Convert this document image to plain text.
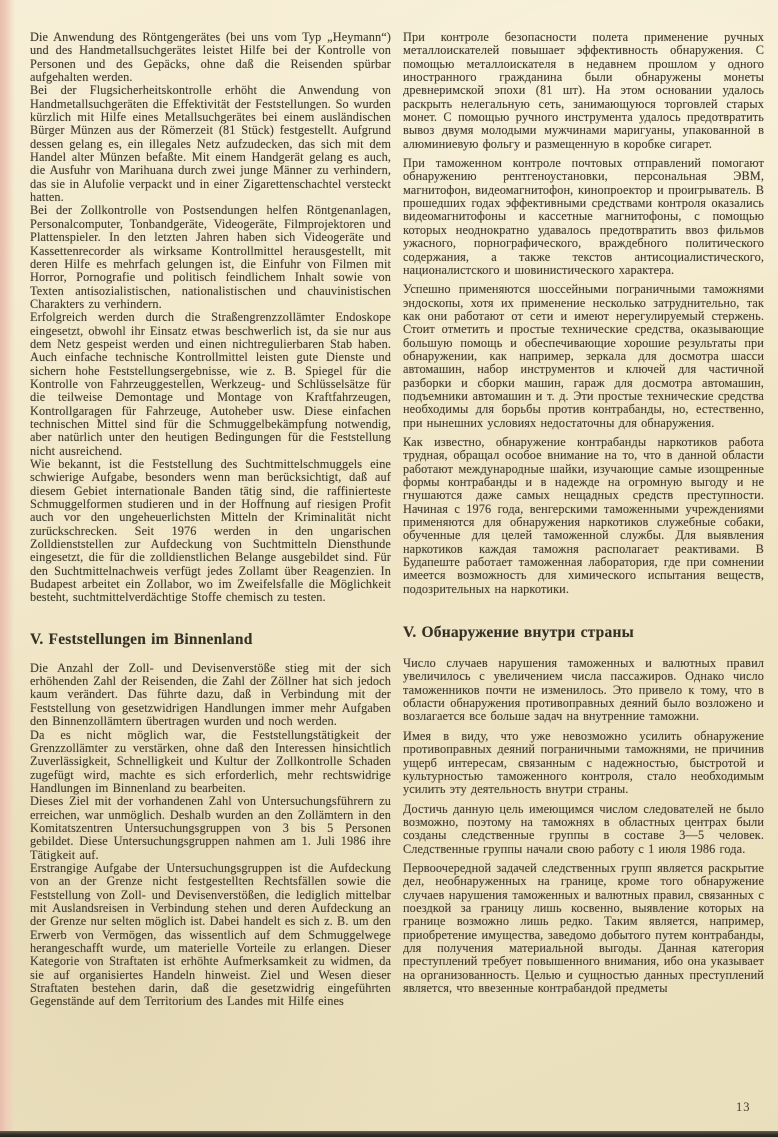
Die Anwendung des Röntgengerätes (bei uns vom Typ „Heymann“) und des Handmetallsuchgerätes leistet Hilfe bei der Kontrolle von Personen und des Gepäcks, ohne daß die Reisenden spürbar aufgehalten werden.

Bei der Flugsicherheitskontrolle erhöht die Anwendung von Handmetallsuchgeräten die Effektivität der Feststellungen. So wurden kürzlich mit Hilfe eines Metallsuchgerätes bei einem ausländischen Bürger Münzen aus der Römerzeit (81 Stück) festgestellt. Aufgrund dessen gelang es, ein illegales Netz aufzudecken, das sich mit dem Handel alter Münzen befaßte. Mit einem Handgerät gelang es auch, die Ausfuhr von Marihuana durch zwei junge Männer zu verhindern, das sie in Alufolie verpackt und in einer Zigarettenschachtel versteckt hatten.

Bei der Zollkontrolle von Postsendungen helfen Röntgenanlagen, Personalcomputer, Tonbandgeräte, Videogeräte, Filmprojektoren und Plattenspieler. In den letzten Jahren haben sich Videogeräte und Kassettenrecorder als wirksame Kontrollmittel herausgestellt, mit deren Hilfe es mehrfach gelungen ist, die Einfuhr von Filmen mit Horror, Pornografie und politisch feindlichem Inhalt sowie von Texten antisozialistischen, nationalistischen und chauvinistischen Charakters zu verhindern.

Erfolgreich werden durch die Straßengrenzzollämter Endoskope eingesetzt, obwohl ihr Einsatz etwas beschwerlich ist, da sie nur aus dem Netz gespeist werden und einen nichtregulierbaren Stab haben. Auch einfache technische Kontrollmittel leisten gute Dienste und sichern hohe Feststellungsergebnisse, wie z. B. Spiegel für die Kontrolle von Fahrzeuggestellen, Werkzeug- und Schlüsselsätze für die teilweise Demontage und Montage von Kraftfahrzeugen, Kontrollgaragen für Fahrzeuge, Autoheber usw. Diese einfachen technischen Mittel sind für die Schmuggelbekämpfung notwendig, aber natürlich unter den heutigen Bedingungen für die Feststellung nicht ausreichend.

Wie bekannt, ist die Feststellung des Suchtmittelschmuggels eine schwierige Aufgabe, besonders wenn man berücksichtigt, daß auf diesem Gebiet internationale Banden tätig sind, die raffinierteste Schmuggelformen studieren und in der Hoffnung auf riesigen Profit auch vor den ungeheuerlichsten Mitteln der Kriminalität nicht zurückschrecken. Seit 1976 werden in den ungarischen Zolldienststellen zur Aufdeckung von Suchtmitteln Diensthunde eingesetzt, die für die zolldienstlichen Belange ausgebildet sind. Für den Suchtmittelnachweis verfügt jedes Zollamt über Reagenzien. In Budapest arbeitet ein Zollabor, wo im Zweifelsfalle die Möglichkeit besteht, suchtmittelverdächtige Stoffe chemisch zu testen.

V. Feststellungen im Binnenland

Die Anzahl der Zoll- und Devisenverstöße stieg mit der sich erhöhenden Zahl der Reisenden, die Zahl der Zöllner hat sich jedoch kaum verändert. Das führte dazu, daß in Verbindung mit der Feststellung von gesetzwidrigen Handlungen immer mehr Aufgaben den Binnenzollämtern übertragen wurden und noch werden.

Da es nicht möglich war, die Feststellungstätigkeit der Grenzzollämter zu verstärken, ohne daß den Interessen hinsichtlich Zuverlässigkeit, Schnelligkeit und Kultur der Zollkontrolle Schaden zugefügt wird, machte es sich erforderlich, mehr rechtswidrige Handlungen im Binnenland zu bearbeiten.

Dieses Ziel mit der vorhandenen Zahl von Untersuchungsführern zu erreichen, war unmöglich. Deshalb wurden an den Zollämtern in den Komitatszentren Untersuchungsgruppen von 3 bis 5 Personen gebildet. Diese Untersuchungsgruppen nahmen am 1. Juli 1986 ihre Tätigkeit auf.

Erstrangige Aufgabe der Untersuchungsgruppen ist die Aufdeckung von an der Grenze nicht festgestellten Rechtsfällen sowie die Feststellung von Zoll- und Devisenverstößen, die lediglich mittelbar mit Auslandsreisen in Verbindung stehen und deren Aufdeckung an der Grenze nur selten möglich ist. Dabei handelt es sich z. B. um den Erwerb von Vermögen, das wissentlich auf dem Schmuggelwege herangeschafft wurde, um materielle Vorteile zu erlangen. Dieser Kategorie von Straftaten ist erhöhte Aufmerksamkeit zu widmen, da sie auf organisiertes Handeln hinweist. Ziel und Wesen dieser Straftaten bestehen darin, daß die gesetzwidrig eingeführten Gegenstände auf dem Territorium des Landes mit Hilfe eines

При контроле безопасности полета применение ручных металлоискателей повышает эффективность обнаружения. С помощью металлоискателя в недавнем прошлом у одного иностранного гражданина были обнаружены монеты древнеримской эпохи (81 шт). На этом основании удалось раскрыть нелегальную сеть, занимающуюся торговлей старых монет. С помощью ручного инструмента удалось предотвратить вывоз двумя молодыми мужчинами маригуаны, упакованной в алюминиевую фольгу и размещенную в коробке сигарет.

При таможенном контроле почтовых отправлений помогают обнаружению рентгеноустановки, персональная ЭВМ, магнитофон, видеомагнитофон, кинопроектор и проигрыватель. В прошедших годах эффективными средствами контроля оказались видеомагнитофоны и кассетные магнитофоны, с помощью которых неоднократно удавалось предотвратить ввоз фильмов ужасного, порнографического, враждебного политического содержания, а также текстов антисоциалистического, националистского и шовинистического характера.

Успешно применяются шоссейными пограничными таможнями эндоскопы, хотя их применение несколько затруднительно, так как они работают от сети и имеют нерегулируемый стержень. Стоит отметить и простые технические средства, оказывающие большую помощь и обеспечивающие хорошие результаты при обнаружении, как например, зеркала для досмотра шасси автомашин, набор инструментов и ключей для частичной разборки и сборки машин, гараж для досмотра автомашин, подъемники автомашин и т. д. Эти простые технические средства необходимы для борьбы против контрабанды, но, естественно, при нынешних условиях недостаточны для обнаружения.

Как известно, обнаружение контрабанды наркотиков работа трудная, обращал особое внимание на то, что в данной области работают международные шайки, изучающие самые изощренные формы контрабанды и в надежде на огромную выгоду и не гнушаются даже самых нещадных средств преступности. Начиная с 1976 года, венгерскими таможенными учреждениями применяются для обнаружения наркотиков служебные собаки, обученные для целей таможенной службы. Для выявления наркотиков каждая таможня располагает реактивами. В Будапеште работает таможенная лаборатория, где при сомнении имеется возможность для химического испытания веществ, подозрительных на наркотики.

V. Обнаружение внутри страны

Число случаев нарушения таможенных и валютных правил увеличилось с увеличением числа пассажиров. Однако число таможенников почти не изменилось. Это привело к тому, что в области обнаружения противоправных деяний было возложено и возлагается все больше задач на внутренние таможни.

Имея в виду, что уже невозможно усилить обнаружение противоправных деяний пограничными таможнями, не причинив ущерб интересам, связанным с надежностью, быстротой и культурностью таможенного контроля, стало необходимым усилить эту деятельность внутри страны.

Достичь данную цель имеющимся числом следователей не было возможно, поэтому на таможнях в областных центрах были созданы следственные группы в составе 3—5 человек. Следственные группы начали свою работу с 1 июля 1986 года.

Первоочередной задачей следственных групп является раскрытие дел, необнаруженных на границе, кроме того обнаружение случаев нарушения таможенных и валютных правил, связанных с поездкой за границу лишь косвенно, выявление которых на границе возможно лишь редко. Таким является, например, приобретение имущества, заведомо добытого путем контрабанды, для получения материальной выгоды. Данная категория преступлений требует повышенного внимания, ибо она указывает на организованность. Целью и сущностью данных преступлений является, что ввезенные контрабандой предметы

13
